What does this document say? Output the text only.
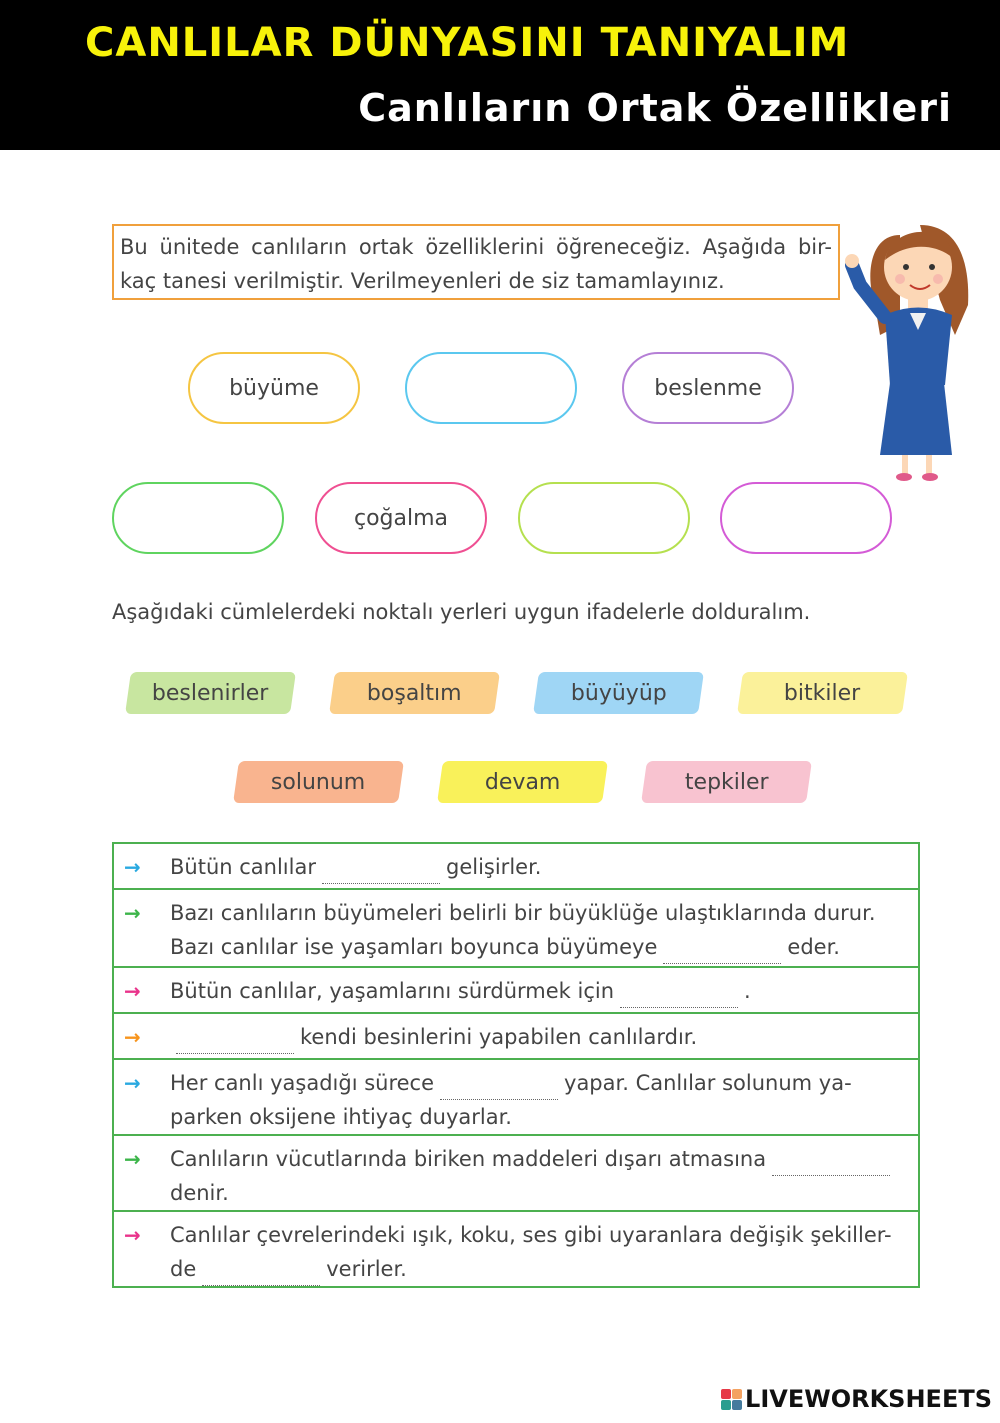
CANLILAR DÜNYASINI TANIYALIM
Canlıların Ortak Özellikleri
Bu ünitede canlıların ortak özelliklerini öğreneceğiz. Aşağıda bir-kaç tanesi verilmiştir. Verilmeyenleri de siz tamamlayınız.
büyüme	beslenme
çoğalma
Aşağıdaki cümlelerdeki noktalı yerleri uygun ifadelerle dolduralım.
beslenirler	boşaltım	büyüyüp	bitkiler
solunum	devam	tepkiler
→ Bütün canlılar	gelişirler.
→ Bazı canlıların büyümeleri belirli bir büyüklüğe ulaştıklarında durur. Bazı canlılar ise yaşamları boyunca büyümeye	eder.
→ Bütün canlılar, yaşamlarını sürdürmek için	.
→	kendi besinlerini yapabilen canlılardır.
→ Her canlı yaşadığı sürece	yapar. Canlılar solunum ya-parken oksijene ihtiyaç duyarlar.
→ Canlıların vücutlarında biriken maddeleri dışarı atmasınadenir.
→ Canlılar çevrelerindeki ışık, koku, ses gibi uyaranlara değişik şekiller-de	verirler.
LIVEWORKSHEETS
